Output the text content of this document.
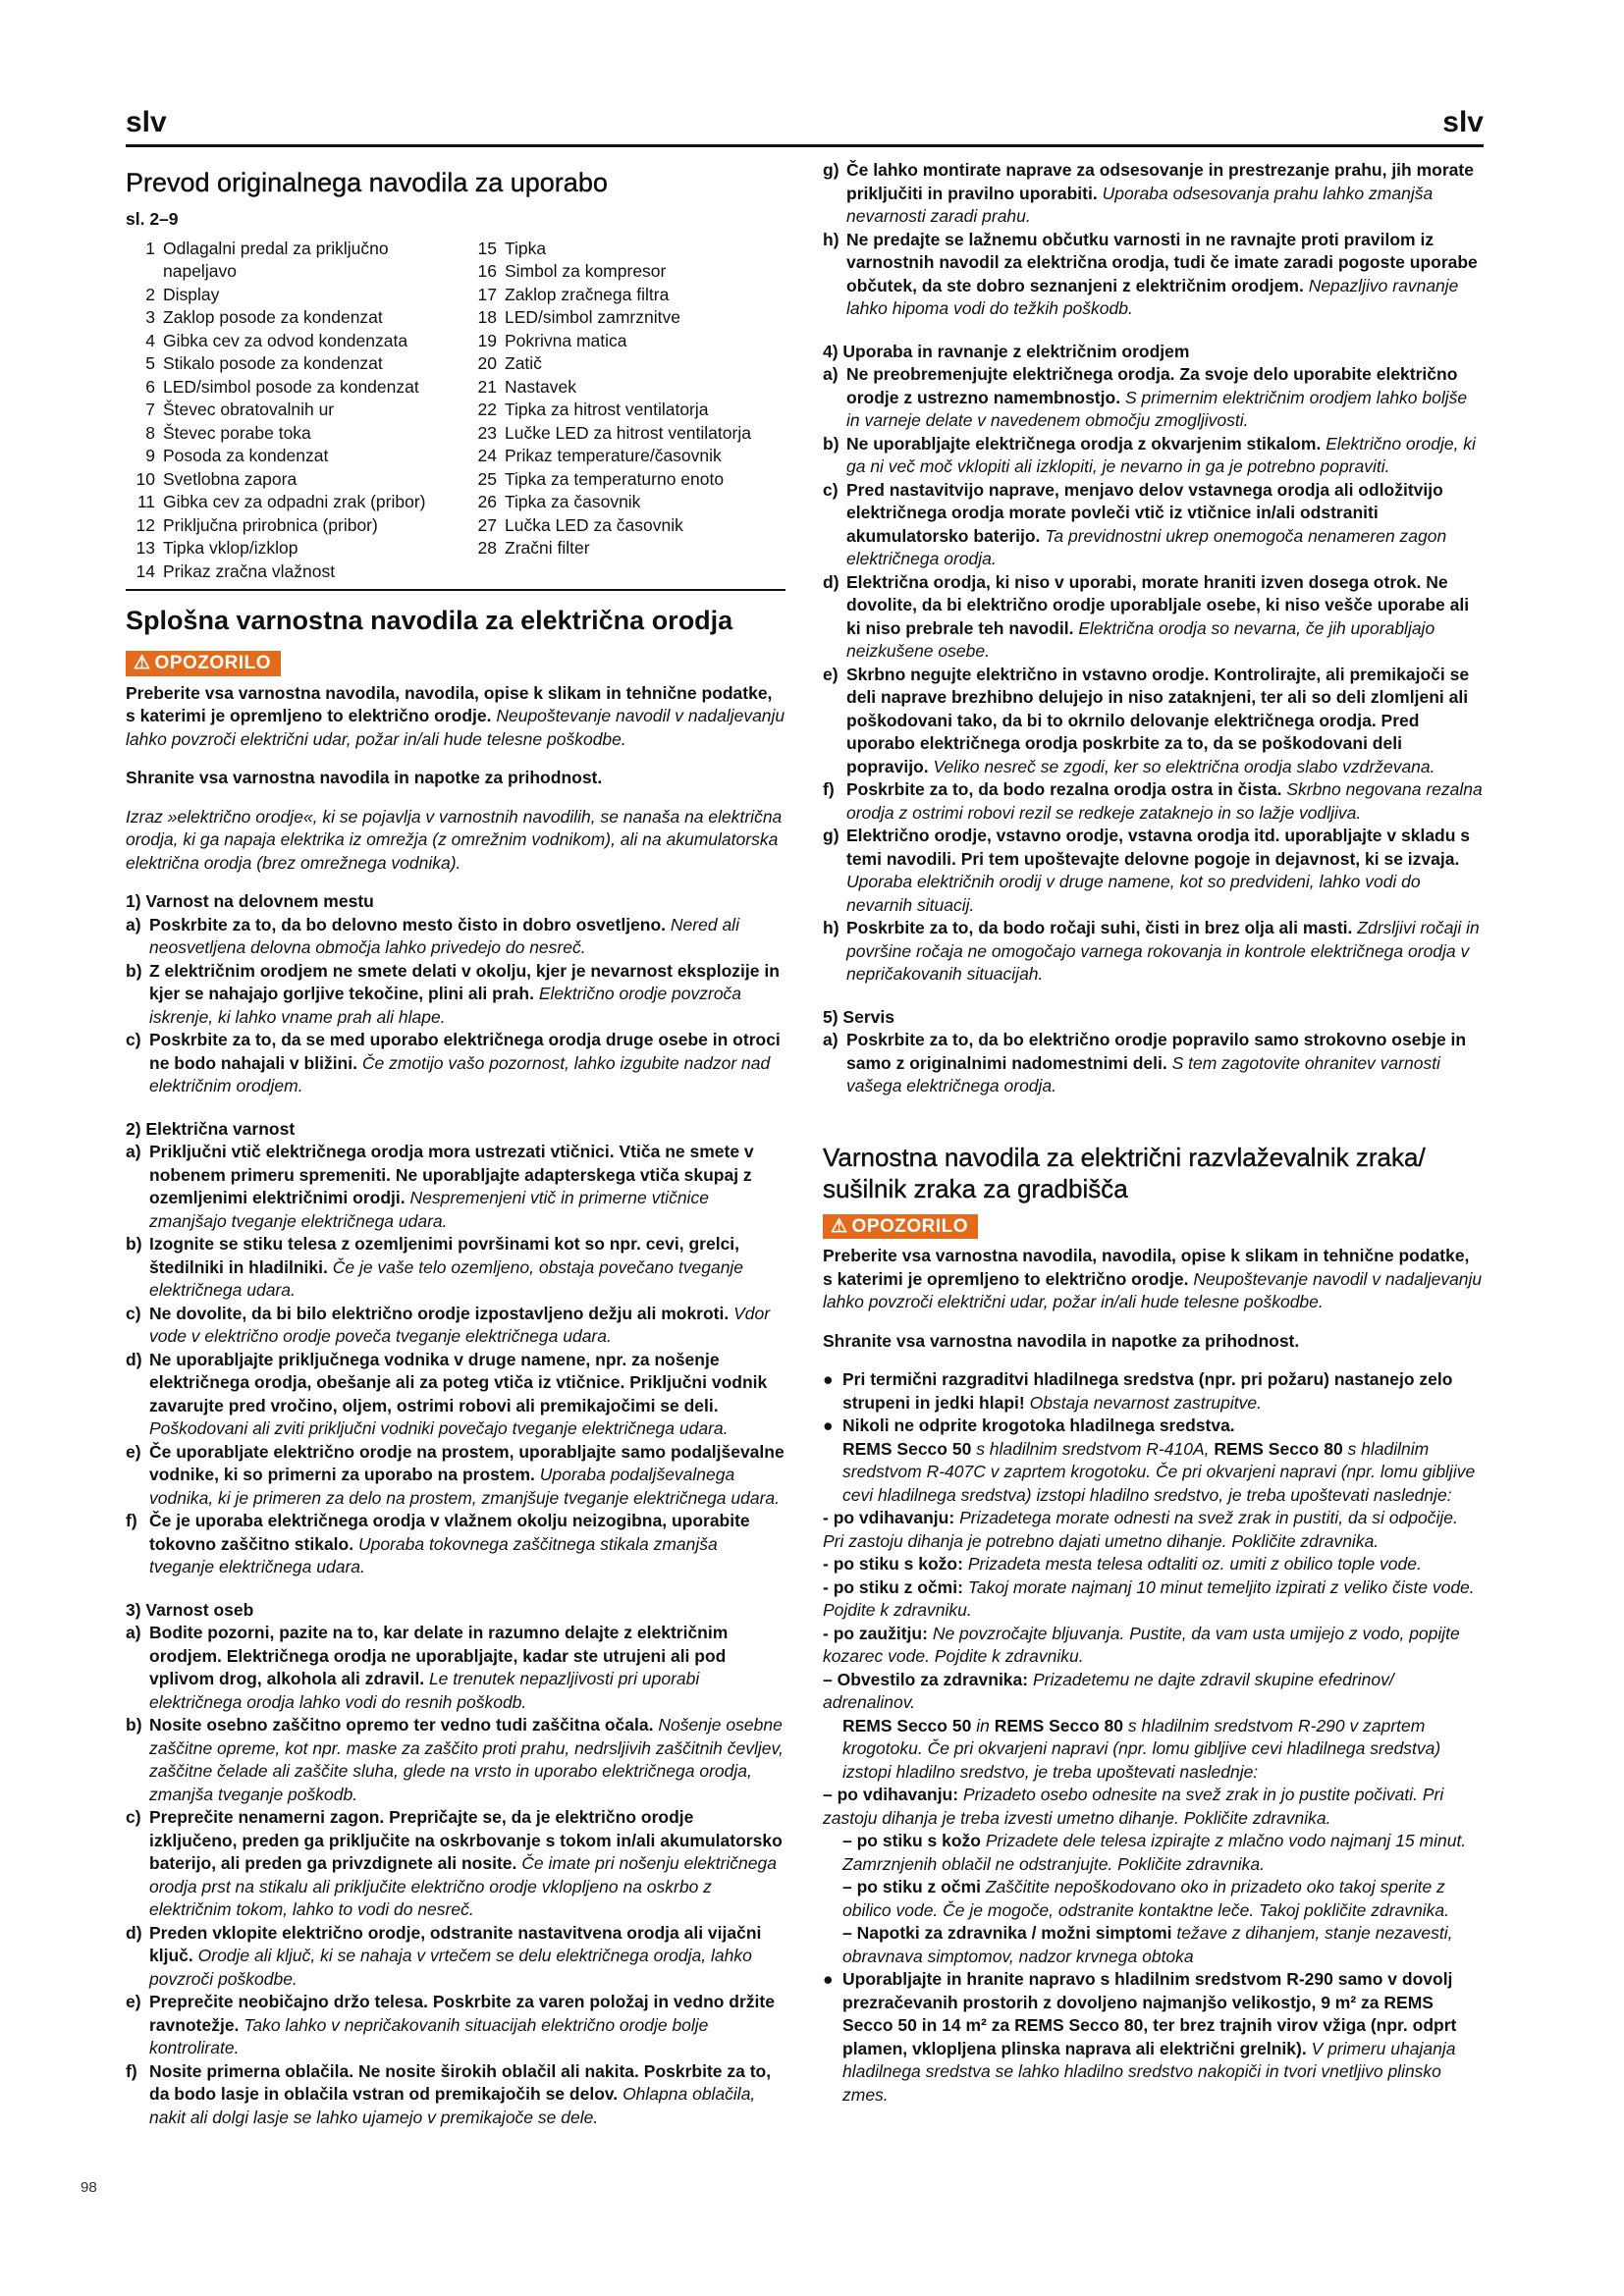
slv	slv
Prevod originalnega navodila za uporabo
sl. 2–9
1 Odlagalni predal za priključno napeljavo
2 Display
3 Zaklop posode za kondenzat
4 Gibka cev za odvod kondenzata
5 Stikalo posode za kondenzat
6 LED/simbol posode za kondenzat
7 Števec obratovalnih ur
8 Števec porabe toka
9 Posoda za kondenzat
10 Svetlobna zapora
11 Gibka cev za odpadni zrak (pribor)
12 Priključna prirobnica (pribor)
13 Tipka vklop/izklop
14 Prikaz zračna vlažnost
15 Tipka
16 Simbol za kompresor
17 Zaklop zračnega filtra
18 LED/simbol zamrznitve
19 Pokrivna matica
20 Zatič
21 Nastavek
22 Tipka za hitrost ventilatorja
23 Lučke LED za hitrost ventilatorja
24 Prikaz temperature/časovnik
25 Tipka za temperaturno enoto
26 Tipka za časovnik
27 Lučka LED za časovnik
28 Zračni filter
Splošna varnostna navodila za električna orodja
⚠ OPOZORILO

Preberite vsa varnostna navodila, navodila, opise k slikam in tehnične podatke, s katerimi je opremljeno to električno orodje. Neupoštevanje navodil v nadaljevanju lahko povzroči električni udar, požar in/ali hude telesne poškodbe.

Shranite vsa varnostna navodila in napotke za prihodnost.

Izraz »električno orodje«, ki se pojavlja v varnostnih navodilih, se nanaša na električna orodja, ki ga napaja elektrika iz omrežja (z omrežnim vodnikom), ali na akumulatorska električna orodja (brez omrežnega vodnika).

1) Varnost na delovnem mestu
a) Poskrbite za to, da bo delovno mesto čisto in dobro osvetljeno. Nered ali neosvetljena delovna območja lahko privedejo do nesreč.
b) Z električnim orodjem ne smete delati v okolju, kjer je nevarnost eksplozije in kjer se nahajajo gorljive tekočine, plini ali prah. Električno orodje povzroča iskrenje, ki lahko vname prah ali hlape.
c) Poskrbite za to, da se med uporabo električnega orodja druge osebe in otroci ne bodo nahajali v bližini. Če zmotijo vašo pozornost, lahko izgubite nadzor nad električnim orodjem.
2) Električna varnost
a) Priključni vtič električnega orodja mora ustrezati vtičnici. Vtiča ne smete v nobenem primeru spremeniti. Ne uporabljajte adapterskega vtiča skupaj z ozemljenimi električnimi orodji. Nespremenjeni vtič in primerne vtičnice zmanjšajo tveganje električnega udara.
b) Izognite se stiku telesa z ozemljenimi površinami kot so npr. cevi, grelci, štedilniki in hladilniki. Če je vaše telo ozemljeno, obstaja povečano tveganje električnega udara.
c) Ne dovolite, da bi bilo električno orodje izpostavljeno dežju ali mokroti. Vdor vode v električno orodje poveča tveganje električnega udara.
d) Ne uporabljajte priključnega vodnika v druge namene, npr. za nošenje električnega orodja, obešanje ali za poteg vtiča iz vtičnice. Priključni vodnik zavarujte pred vročino, oljem, ostrimi robovi ali premikajočimi se deli. Poškodovani ali zviti priključni vodniki povečajo tveganje električnega udara.
e) Če uporabljate električno orodje na prostem, uporabljajte samo podaljševalne vodnike, ki so primerni za uporabo na prostem. Uporaba podaljševalnega vodnika, ki je primeren za delo na prostem, zmanjšuje tveganje električnega udara.
f) Če je uporaba električnega orodja v vlažnem okolju neizogibna, uporabite tokovno zaščitno stikalo. Uporaba tokovnega zaščitnega stikala zmanjša tveganje električnega udara.
3) Varnost oseb
a) Bodite pozorni, pazite na to, kar delate in razumno delajte z električnim orodjem. Električnega orodja ne uporabljajte, kadar ste utrujeni ali pod vplivom drog, alkohola ali zdravil. Le trenutek nepazljivosti pri uporabi električnega orodja lahko vodi do resnih poškodb.
b) Nosite osebno zaščitno opremo ter vedno tudi zaščitna očala. Nošenje osebne zaščitne opreme, kot npr. maske za zaščito proti prahu, nedrsljivih zaščitnih čevljev, zaščitne čelade ali zaščite sluha, glede na vrsto in uporabo električnega orodja, zmanjša tveganje poškodb.
c) Preprečite nenamerni zagon. Prepričajte se, da je električno orodje izključeno, preden ga priključite na oskrbovanje s tokom in/ali akumulatorsko baterijo, ali preden ga privzdignete ali nosite. Če imate pri nošenju električnega orodja prst na stikalu ali priključite električno orodje vklopljeno na oskrbo z električnim tokom, lahko to vodi do nesreč.
d) Preden vklopite električno orodje, odstranite nastavitvena orodja ali vijačni ključ. Orodje ali ključ, ki se nahaja v vrtečem se delu električnega orodja, lahko povzroči poškodbe.
e) Preprečite neobičajno držo telesa. Poskrbite za varen položaj in vedno držite ravnotežje. Tako lahko v nepričakovanih situacijah električno orodje bolje kontrolirate.
f) Nosite primerna oblačila. Ne nosite širokih oblačil ali nakita. Poskrbite za to, da bodo lasje in oblačila vstran od premikajočih se delov. Ohlapna oblačila, nakit ali dolgi lasje se lahko ujamejo v premikajoče se dele.
g) Če lahko montirate naprave za odsesovanje in prestrezanje prahu, jih morate priključiti in pravilno uporabiti. Uporaba odsesovanja prahu lahko zmanjša nevarnosti zaradi prahu.
h) Ne predajte se lažnemu občutku varnosti in ne ravnajte proti pravilom iz varnostnih navodil za električna orodja, tudi če imate zaradi pogoste uporabe občutek, da ste dobro seznanjeni z električnim orodjem. Nepazljivo ravnanje lahko hipoma vodi do težkih poškodb.
4) Uporaba in ravnanje z električnim orodjem
a) Ne preobremenjujte električnega orodja. Za svoje delo uporabite električno orodje z ustrezno namembnostjo. S primernim električnim orodjem lahko boljše in varneje delate v navedenem območju zmogljivosti.
b) Ne uporabljajte električnega orodja z okvarjenim stikalom. Električno orodje, ki ga ni več moč vklopiti ali izklopiti, je nevarno in ga je potrebno popraviti.
c) Pred nastavitvijo naprave, menjavo delov vstavnega orodja ali odložitvijo električnega orodja morate povleči vtič iz vtičnice in/ali odstraniti akumulatorsko baterijo. Ta previdnostni ukrep onemogoča nenameren zagon električnega orodja.
d) Električna orodja, ki niso v uporabi, morate hraniti izven dosega otrok. Ne dovolite, da bi električno orodje uporabljale osebe, ki niso vešče uporabe ali ki niso prebrale teh navodil. Električna orodja so nevarna, če jih uporabljajo neizkušene osebe.
e) Skrbno negujte električno in vstavno orodje. Kontrolirajte, ali premikajoči se deli naprave brezhibno delujejo in niso zataknjeni, ter ali so deli zlomljeni ali poškodovani tako, da bi to okrnilo delovanje električnega orodja. Pred uporabo električnega orodja poskrbite za to, da se poškodovani deli popravijo. Veliko nesreč se zgodi, ker so električna orodja slabo vzdrževana.
f) Poskrbite za to, da bodo rezalna orodja ostra in čista. Skrbno negovana rezalna orodja z ostrimi robovi rezil se redkeje zataknejo in so lažje vodljiva.
g) Električno orodje, vstavno orodje, vstavna orodja itd. uporabljajte v skladu s temi navodili. Pri tem upoštevajte delovne pogoje in dejavnost, ki se izvaja. Uporaba električnih orodij v druge namene, kot so predvideni, lahko vodi do nevarnih situacij.
h) Poskrbite za to, da bodo ročaji suhi, čisti in brez olja ali masti. Zdrsljivi ročaji in površine ročaja ne omogočajo varnega rokovanja in kontrole električnega orodja v nepričakovanih situacijah.
5) Servis
a) Poskrbite za to, da bo električno orodje popravilo samo strokovno osebje in samo z originalnimi nadomestnimi deli. S tem zagotovite ohranitev varnosti vašega električnega orodja.
Varnostna navodila za električni razvlaževalnik zraka/ sušilnik zraka za gradbišča
⚠ OPOZORILO

Preberite vsa varnostna navodila, navodila, opise k slikam in tehnične podatke, s katerimi je opremljeno to električno orodje. Neupoštevanje navodil v nadaljevanju lahko povzroči električni udar, požar in/ali hude telesne poškodbe.

Shranite vsa varnostna navodila in napotke za prihodnost.

● Pri termični razgraditvi hladilnega sredstva (npr. pri požaru) nastanejo zelo strupeni in jedki hlapi! Obstaja nevarnost zastrupitve.
● Nikoli ne odprite krogotoka hladilnega sredstva.
REMS Secco 50 s hladilnim sredstvom R-410A, REMS Secco 80 s hladilnim sredstvom R-407C v zaprtem krogotoku. Če pri okvarjeni napravi (npr. lomu gibljive cevi hladilnega sredstva) izstopi hladilno sredstvo, je treba upoštevati naslednje:
- po vdihavanju: Prizadetega morate odnesti na svež zrak in pustiti, da si odpočije. Pri zastoju dihanja je potrebno dajati umetno dihanje. Pokličite zdravnika.
- po stiku s kožo: Prizadeta mesta telesa odtaliti oz. umiti z obilico tople vode.
- po stiku z očmi: Takoj morate najmanj 10 minut temeljito izpirati z veliko čiste vode. Pojdite k zdravniku.
- po zaužitju: Ne povzročajte bljuvanja. Pustite, da vam usta umijejo z vodo, popijte kozarec vode. Pojdite k zdravniku.
– Obvestilo za zdravnika: Prizadetemu ne dajte zdravil skupine efedrinov/ adrenalinov.
REMS Secco 50 in REMS Secco 80 s hladilnim sredstvom R-290 v zaprtem krogotoku. Če pri okvarjeni napravi (npr. lomu gibljive cevi hladilnega sredstva) izstopi hladilno sredstvo, je treba upoštevati naslednje:
– po vdihavanju: Prizadeto osebo odnesite na svež zrak in jo pustite počivati. Pri zastoju dihanja je treba izvesti umetno dihanje. Pokličite zdravnika.
– po stiku s kožo Prizadete dele telesa izpirajte z mlačno vodo najmanj 15 minut. Zamrznjenih oblačil ne odstranjujte. Pokličite zdravnika.
– po stiku z očmi Zaščitite nepoškodovano oko in prizadeto oko takoj sperite z obilico vode. Če je mogoče, odstranite kontaktne leče. Takoj pokličite zdravnika.
– Napotki za zdravnika / možni simptomi težave z dihanjem, stanje nezavesti, obravnava simptomov, nadzor krvnega obtoka
● Uporabljajte in hranite napravo s hladilnim sredstvom R-290 samo v dovolj prezračevanih prostorih z dovoljeno najmanjšo velikostjo, 9 m² za REMS Secco 50 in 14 m² za REMS Secco 80, ter brez trajnih virov vžiga (npr. odprt plamen, vklopljena plinska naprava ali električni grelnik). V primeru uhajanja hladilnega sredstva se lahko hladilno sredstvo nakopiči in tvori vnetljivo plinsko zmes.
98
